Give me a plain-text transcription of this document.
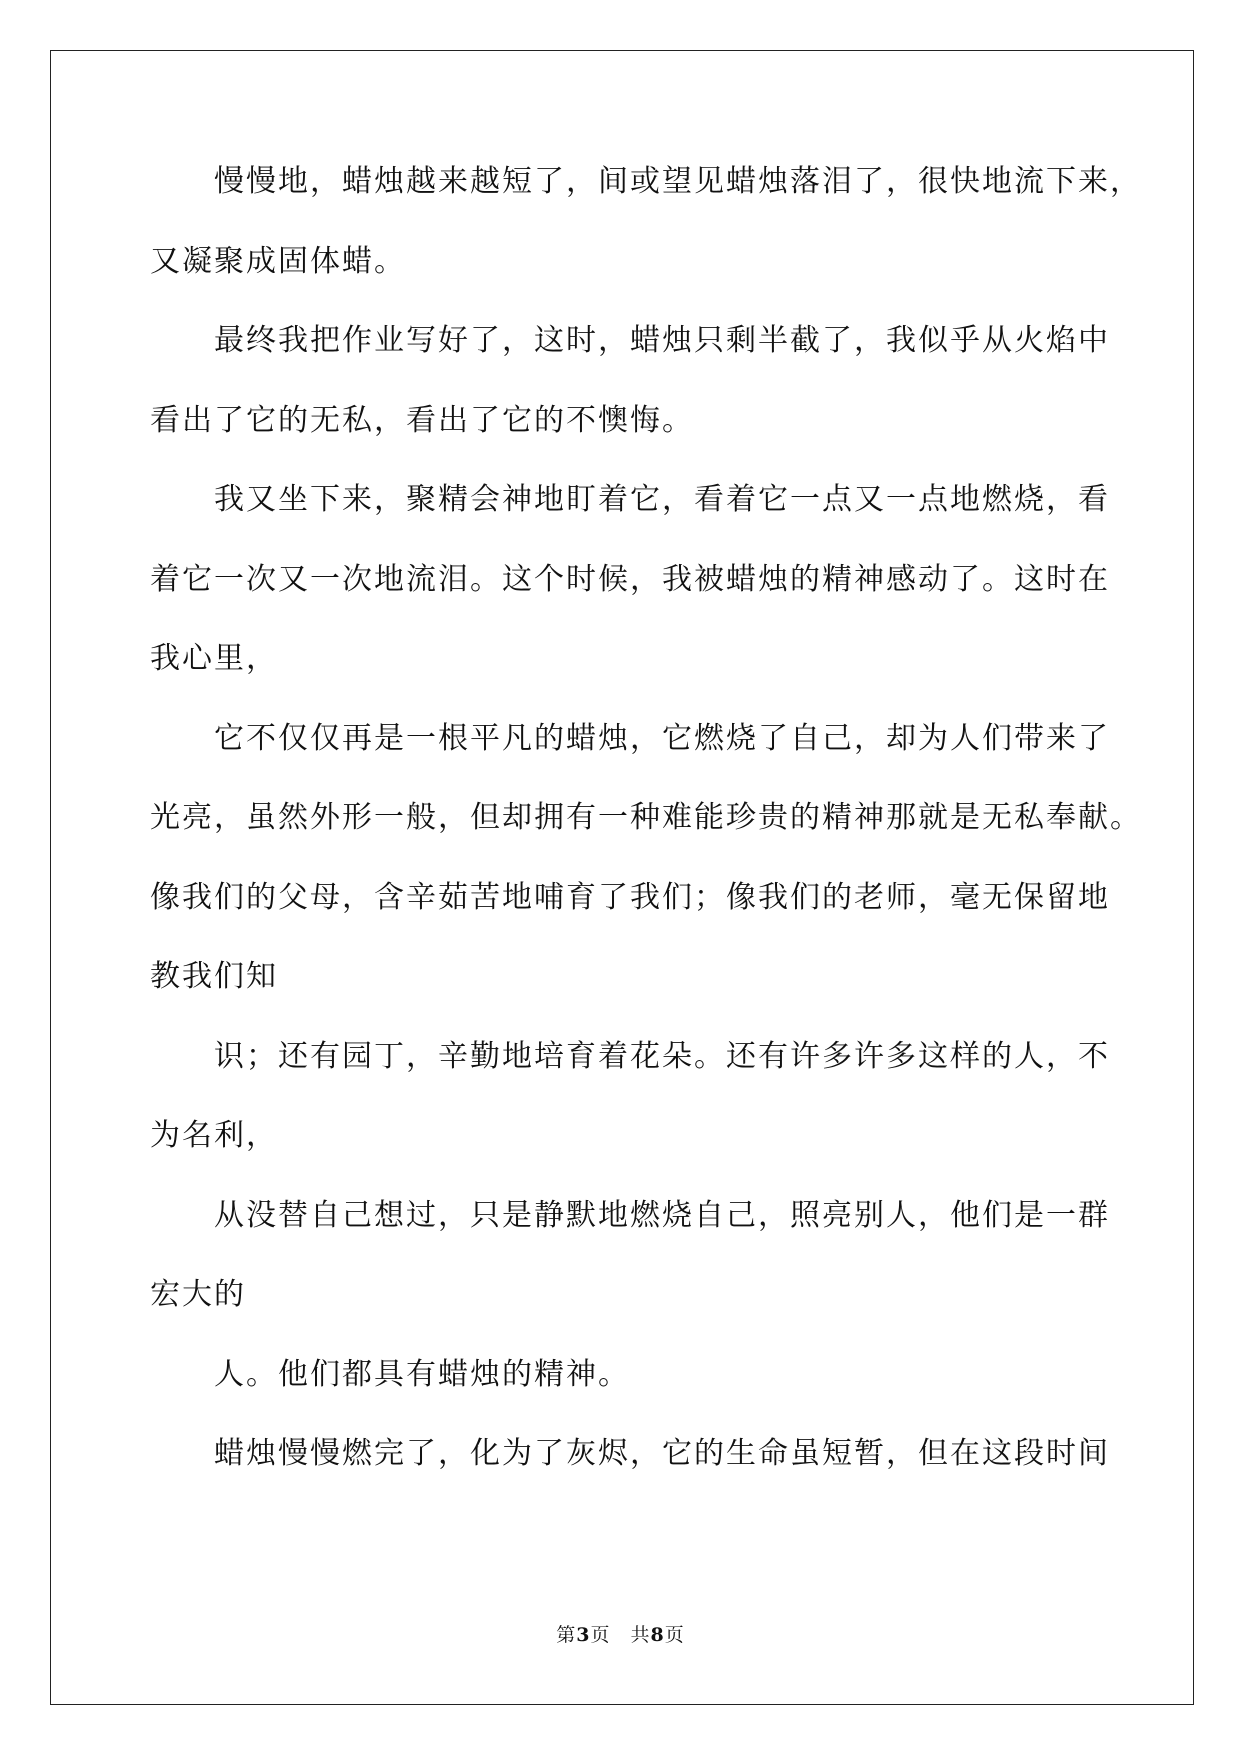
慢慢地，蜡烛越来越短了，间或望见蜡烛落泪了，很快地流下来，
又凝聚成固体蜡。
最终我把作业写好了，这时，蜡烛只剩半截了，我似乎从火焰中
看出了它的无私，看出了它的不懊悔。
我又坐下来，聚精会神地盯着它，看着它一点又一点地燃烧，看
着它一次又一次地流泪。这个时候，我被蜡烛的精神感动了。这时在
我心里，
它不仅仅再是一根平凡的蜡烛，它燃烧了自己，却为人们带来了
光亮，虽然外形一般，但却拥有一种难能珍贵的精神那就是无私奉献。
像我们的父母，含辛茹苦地哺育了我们；像我们的老师，毫无保留地
教我们知
识；还有园丁，辛勤地培育着花朵。还有许多许多这样的人，不
为名利，
从没替自己想过，只是静默地燃烧自己，照亮别人，他们是一群
宏大的
人。他们都具有蜡烛的精神。
蜡烛慢慢燃完了，化为了灰烬，它的生命虽短暂，但在这段时间
第3页　共8页
